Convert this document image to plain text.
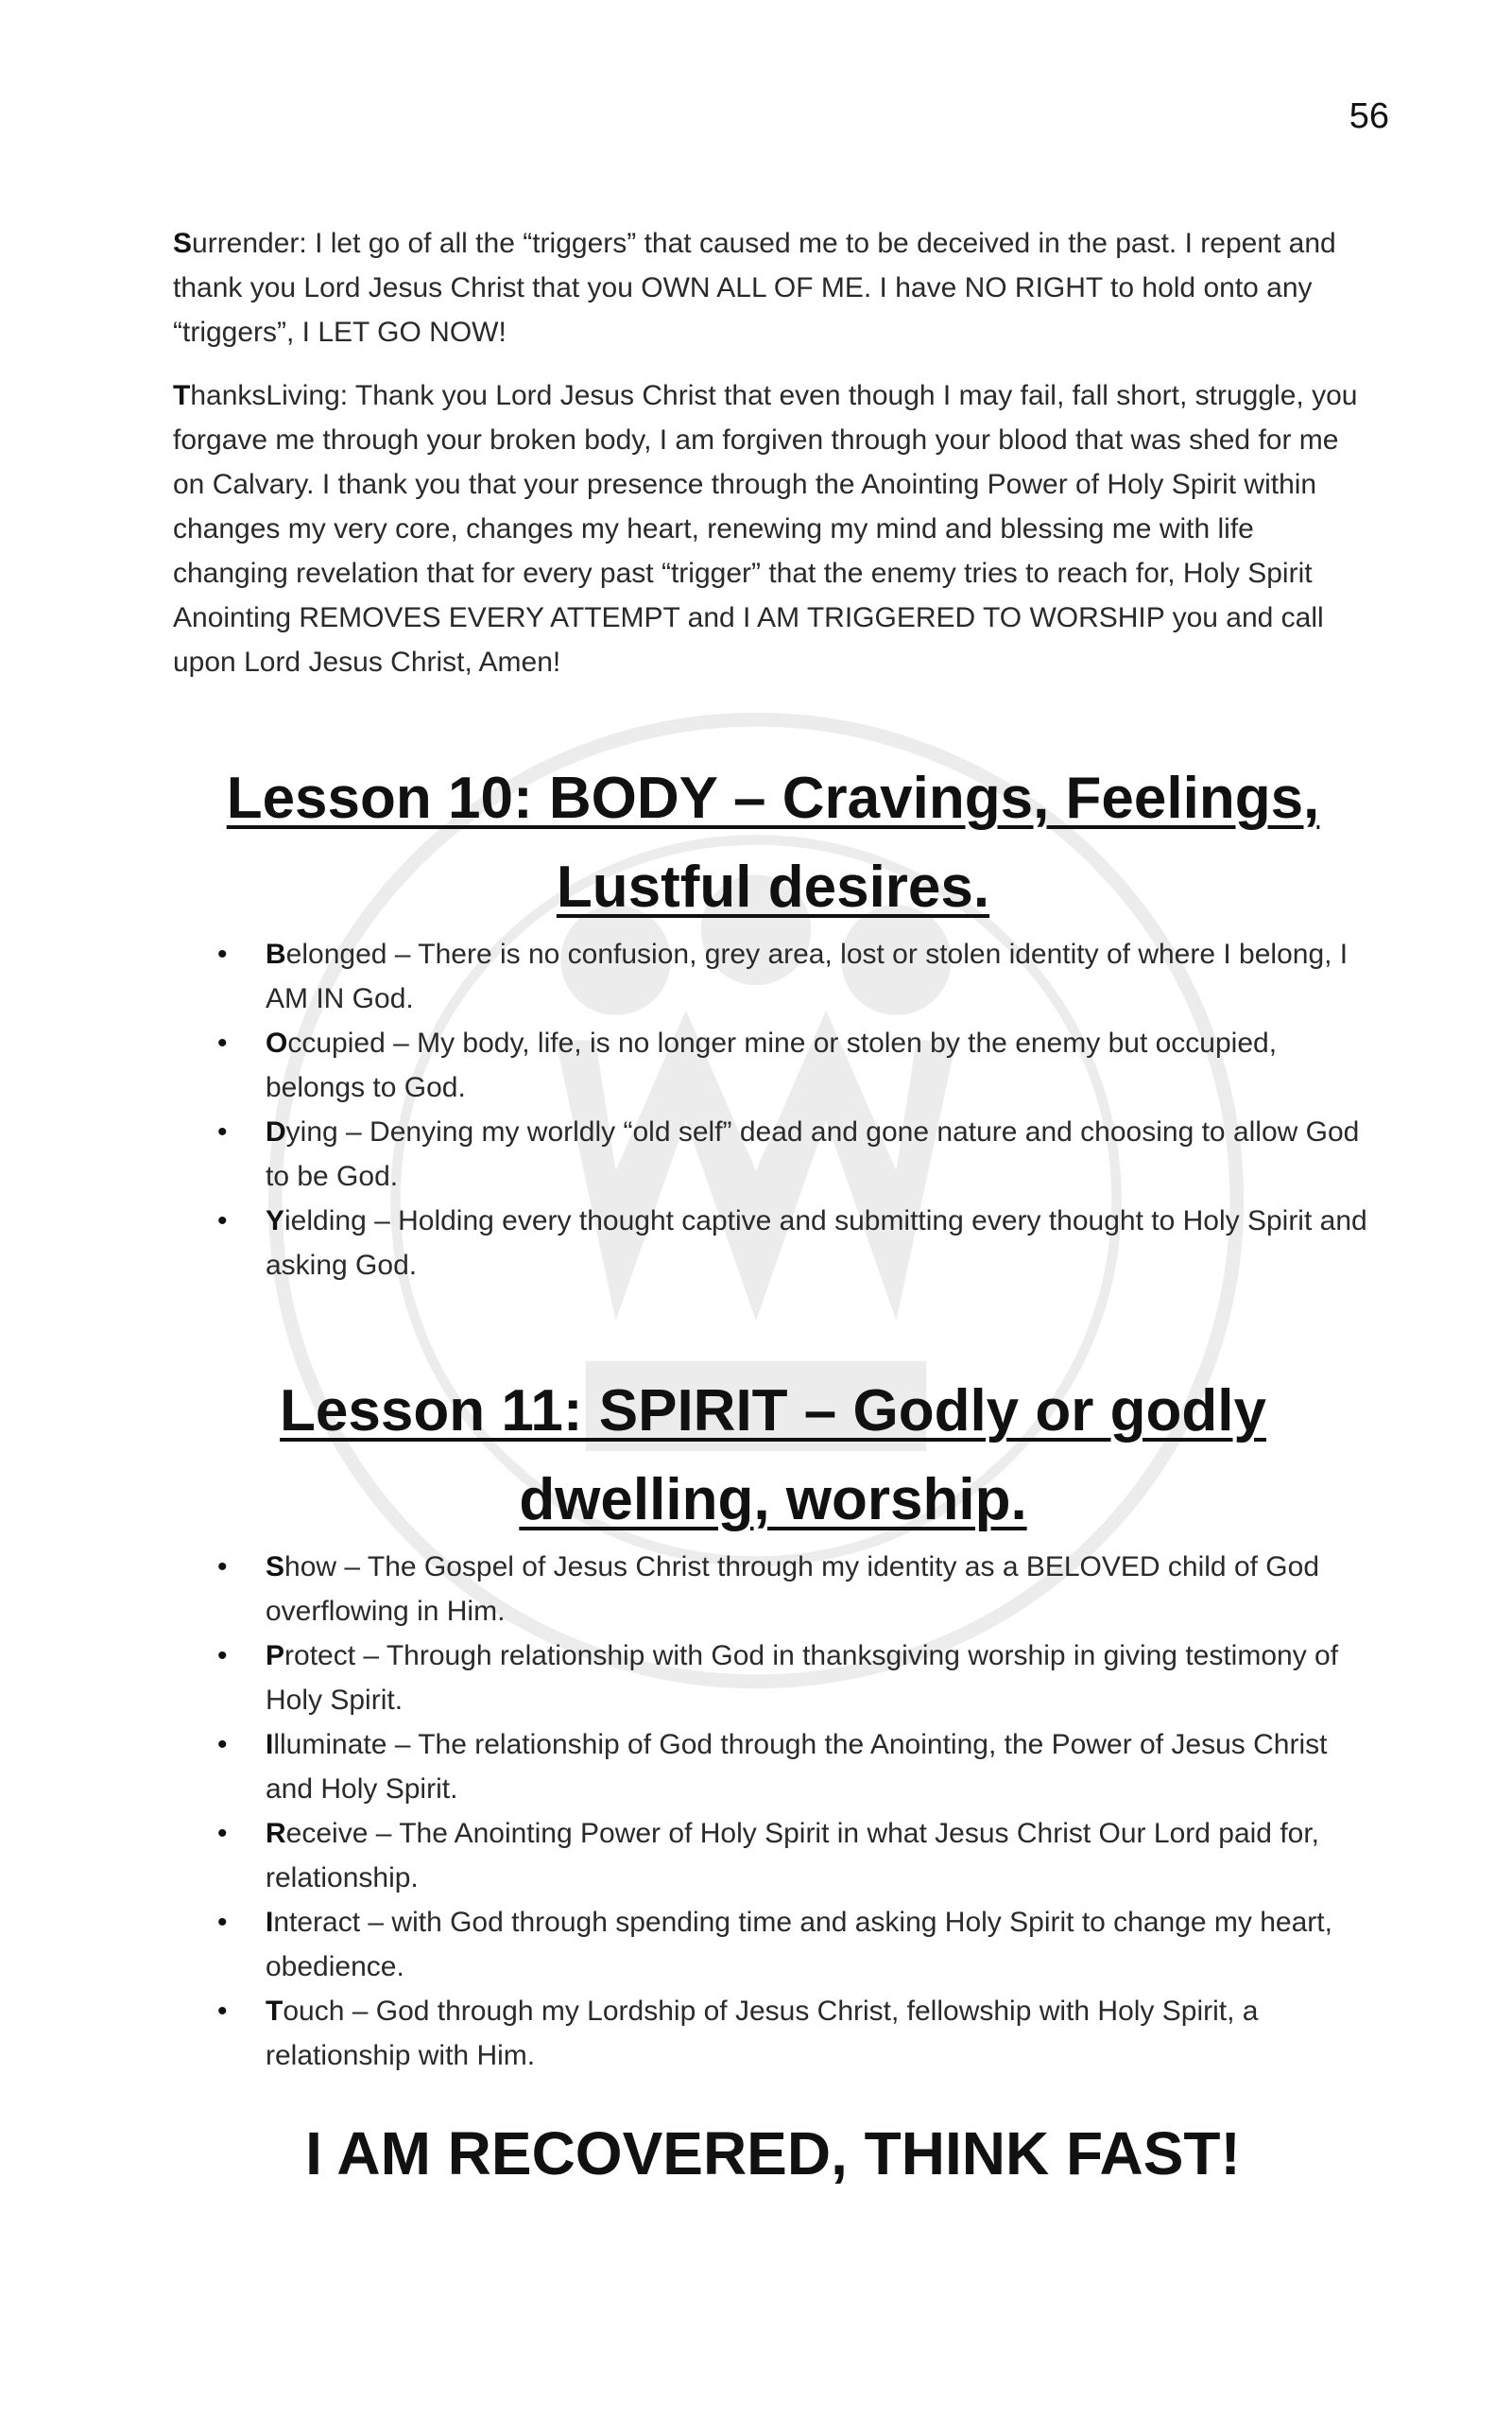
56

Surrender: I let go of all the “triggers” that caused me to be deceived in the past. I repent and thank you Lord Jesus Christ that you OWN ALL OF ME. I have NO RIGHT to hold onto any “triggers”, I LET GO NOW!

ThanksLiving: Thank you Lord Jesus Christ that even though I may fail, fall short, struggle, you forgave me through your broken body, I am forgiven through your blood that was shed for me on Calvary. I thank you that your presence through the Anointing Power of Holy Spirit within changes my very core, changes my heart, renewing my mind and blessing me with life changing revelation that for every past “trigger” that the enemy tries to reach for, Holy Spirit Anointing REMOVES EVERY ATTEMPT and I AM TRIGGERED TO WORSHIP you and call upon Lord Jesus Christ, Amen!

Lesson 10: BODY – Cravings, Feelings, Lustful desires.
• Belonged – There is no confusion, grey area, lost or stolen identity of where I belong, I AM IN God.
• Occupied – My body, life, is no longer mine or stolen by the enemy but occupied, belongs to God.
• Dying – Denying my worldly “old self” dead and gone nature and choosing to allow God to be God.
• Yielding – Holding every thought captive and submitting every thought to Holy Spirit and asking God.
Lesson 11: SPIRIT – Godly or godly dwelling, worship.
• Show – The Gospel of Jesus Christ through my identity as a BELOVED child of God overflowing in Him.
• Protect – Through relationship with God in thanksgiving worship in giving testimony of Holy Spirit.
• Illuminate – The relationship of God through the Anointing, the Power of Jesus Christ and Holy Spirit.
• Receive – The Anointing Power of Holy Spirit in what Jesus Christ Our Lord paid for, relationship.
• Interact – with God through spending time and asking Holy Spirit to change my heart, obedience.
• Touch – God through my Lordship of Jesus Christ, fellowship with Holy Spirit, a relationship with Him.
I AM RECOVERED, THINK FAST!
